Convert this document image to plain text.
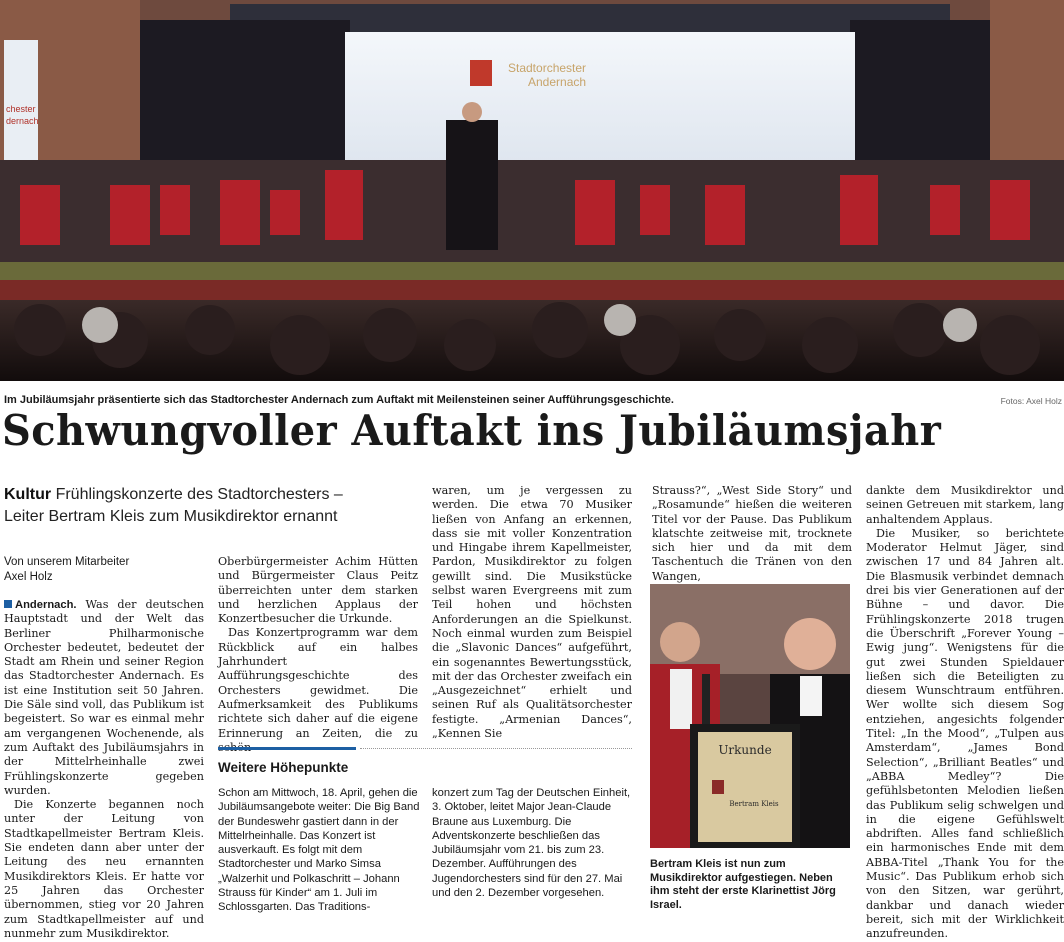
Stadtorchester
Andernach
chester
dernach
Im Jubiläumsjahr präsentierte sich das Stadtorchester Andernach zum Auftakt mit Meilensteinen seiner Aufführungsgeschichte.	Fotos: Axel Holz
Schwungvoller Auftakt ins Jubiläumsjahr
Kultur Frühlingskonzerte des Stadtorchesters –
Leiter Bertram Kleis zum Musikdirektor ernannt
Von unserem Mitarbeiter
Axel Holz

Andernach. Was der deutschen Hauptstadt und der Welt das Berliner Philharmonische Orchester bedeutet, bedeutet der Stadt am Rhein und seiner Region das Stadtorchester Andernach. Es ist eine Institution seit 50 Jahren. Die Säle sind voll, das Publikum ist begeistert. So war es einmal mehr am vergangenen Wochenende, als zum Auftakt des Jubiläumsjahrs in der Mittelrheinhalle zwei Frühlingskonzerte gegeben wurden.

Die Konzerte begannen noch unter der Leitung von Stadtkapellmeister Bertram Kleis. Sie endeten dann aber unter der Leitung des neu ernannten Musikdirektors Kleis. Er hatte vor 25 Jahren das Orchester übernommen, stieg vor 20 Jahren zum Stadtkapellmeister auf und nunmehr zum Musikdirektor.

Oberbürgermeister Achim Hütten und Bürgermeister Claus Peitz überreichten unter dem starken und herzlichen Applaus der Konzertbesucher die Urkunde.

Das Konzertprogramm war dem Rückblick auf ein halbes Jahrhundert Aufführungsgeschichte des Orchesters gewidmet. Die Aufmerksamkeit des Publikums richtete sich daher auf die eigene Erinnerung an Zeiten, die zu

waren, um je vergessen zu werden. Die etwa 70 Musiker ließen von Anfang an erkennen, dass sie mit voller Konzentration und Hingabe ihrem Kapellmeister, Pardon, Musikdirektor zu folgen gewillt sind. Die Musikstücke selbst waren Evergreens mit zum Teil hohen und höchsten Anforderungen an die Spielkunst. Noch einmal wurden zum Beispiel die „Slavonic Dances“ aufgeführt, ein sogenanntes Bewertungsstück, mit der das Orchester zweifach ein „Ausgezeichnet“ erhielt und seinen Ruf als Qualitätsorchester festigte. „Armenian Dances“, „Kennen Sie

Strauss?“, „West Side Story“ und „Rosamunde“ hießen die weiteren Titel vor der Pause. Das Publikum klatschte zeitweise mit, trocknete sich hier und da mit dem Taschentuch die Tränen von den Wangen,

dankte dem Musikdirektor und seinen Getreuen mit starkem, lang anhaltendem Applaus.

Die Musiker, so berichtete Moderator Helmut Jäger, sind zwischen 17 und 84 Jahren alt. Die Blasmusik verbindet demnach drei bis vier Generationen auf der Bühne – und davor. Die Frühlingskonzerte 2018 trugen die Überschrift „Forever Young – Ewig jung“. Wenigstens für die gut zwei Stunden Spieldauer ließen sich die Beteiligten zu diesem Wunschtraum entführen. Wer wollte sich diesem Sog entziehen, angesichts folgender Titel: „In the Mood“, „Tulpen aus Amsterdam“, „James Bond Selection“, „Brilliant Beatles“ und „ABBA Medley“? Die gefühlsbetonten Melodien ließen das Publikum selig schwelgen und in die eigene Gefühlswelt abdriften. Alles fand schließlich ein harmonisches Ende mit dem ABBA-Titel „Thank You for the Music“. Das Publikum erhob sich von den Sitzen, war gerührt, dankbar und danach wieder bereit, sich mit der Wirklichkeit anzufreunden.

Weitere Höhepunkte
Schon am Mittwoch, 18. April, gehen die Jubiläumsangebote weiter: Die Big Band der Bundeswehr gastiert dann in der Mittelrheinhalle. Das Konzert ist ausverkauft. Es folgt mit dem Stadtorchester und Marko Simsa „Walzerhit und Polkaschritt – Johann Strauss für Kinder“ am 1. Juli im Schlossgarten. Das Traditions-
konzert zum Tag der Deutschen Einheit, 3. Oktober, leitet Major Jean-Claude Braune aus Luxemburg. Die Adventskonzerte beschließen das Jubiläumsjahr vom 21. bis zum 23. Dezember. Aufführungen des Jugendorchesters sind für den 27. Mai und den 2. Dezember vorgesehen.
Urkunde
Bertram Kleis
Bertram Kleis ist nun zum Musikdirektor aufgestiegen. Neben ihm steht der erste Klarinettist Jörg Israel.
